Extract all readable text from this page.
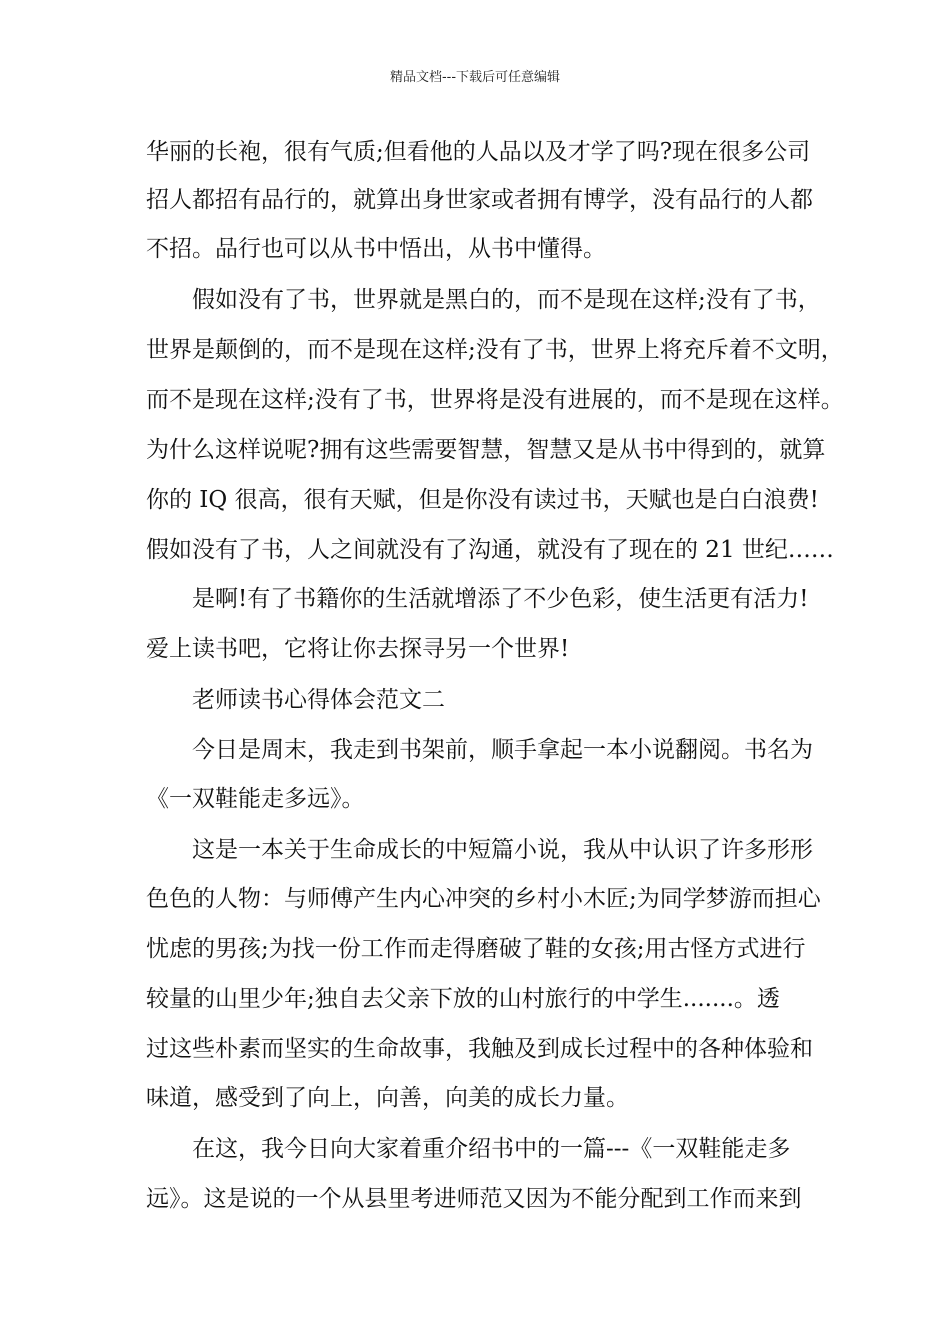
精品文档---下载后可任意编辑
华丽的长袍，很有气质;但看他的人品以及才学了吗?现在很多公司
招人都招有品行的，就算出身世家或者拥有博学，没有品行的人都
不招。品行也可以从书中悟出，从书中懂得。
假如没有了书，世界就是黑白的，而不是现在这样;没有了书，
世界是颠倒的，而不是现在这样;没有了书，世界上将充斥着不文明，
而不是现在这样;没有了书，世界将是没有进展的，而不是现在这样。
为什么这样说呢?拥有这些需要智慧，智慧又是从书中得到的，就算
你的 IQ 很高，很有天赋，但是你没有读过书，天赋也是白白浪费!
假如没有了书，人之间就没有了沟通，就没有了现在的 21 世纪……
是啊!有了书籍你的生活就增添了不少色彩，使生活更有活力!
爱上读书吧，它将让你去探寻另一个世界!
老师读书心得体会范文二
今日是周末，我走到书架前，顺手拿起一本小说翻阅。书名为
《一双鞋能走多远》。
这是一本关于生命成长的中短篇小说，我从中认识了许多形形
色色的人物：与师傅产生内心冲突的乡村小木匠;为同学梦游而担心
忧虑的男孩;为找一份工作而走得磨破了鞋的女孩;用古怪方式进行
较量的山里少年;独自去父亲下放的山村旅行的中学生.......。透
过这些朴素而坚实的生命故事，我触及到成长过程中的各种体验和
味道，感受到了向上，向善，向美的成长力量。
在这，我今日向大家着重介绍书中的一篇---《一双鞋能走多
远》。这是说的一个从县里考进师范又因为不能分配到工作而来到
